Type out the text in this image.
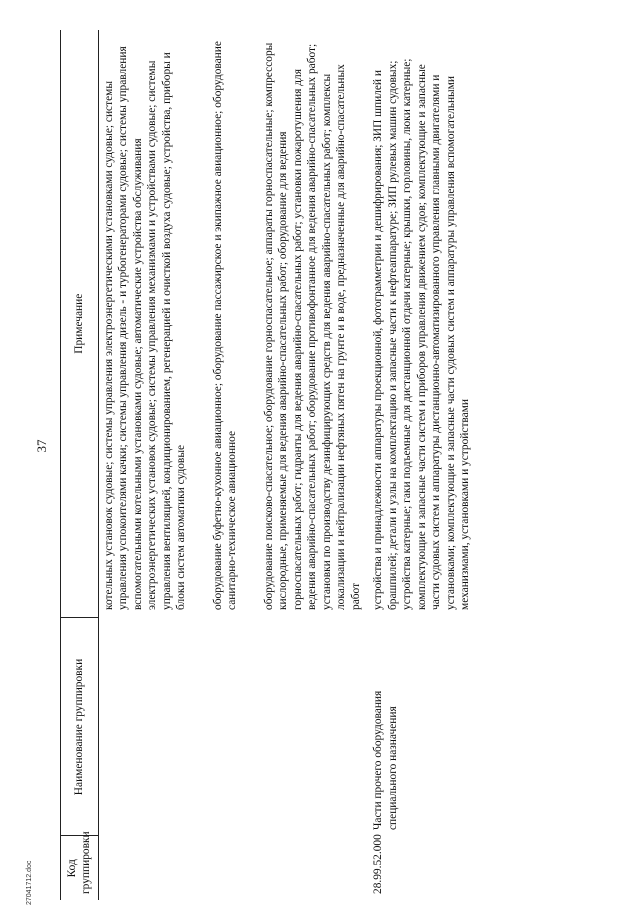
37
Код группировки	Наименование группировки	Примечание

		котельных установок судовые; системы управления электроэнергетическими установками судовые; системы управления успокоителями качки; системы управления дизель - и турбогенераторами судовые; системы управления вспомогательными котельными установками судовые; автоматические устройства обслуживания электроэнергетических установок судовые; системы управления механизмами и устройствами судовые; системы управления вентиляцией, кондиционированием, регенерацией и очисткой воздуха судовые; устройства, приборы и блоки систем автоматики судовые оборудование буфетно-кухонное авиационное; оборудование пассажирское и экипажное авиационное; оборудование санитарно-техническое авиационное оборудование поисково-спасательное; оборудование горноспасательное; аппараты горноспасательные; компрессоры кислородные, применяемые для ведения аварийно-спасательных работ; оборудование для ведения горноспасательных работ; гидранты для ведения аварийно-спасательных работ; установки пожаротушения для ведения аварийно-спасательных работ; оборудование противофонтанное для ведения аварийно-спасательных работ; установки по производству дезинфицирующих средств для ведения аварийно-спасательных работ; комплексы локализации и нейтрализации нефтяных пятен на грунте и в воде, предназначенные для аварийно-спасательных работ

28.99.52.000	Части прочего оборудования специального назначения	устройства и принадлежности аппаратуры проекционной, фотограмметрии и дешифрирования; ЗИП шпилей и брашпилей; детали и узлы на комплектацию и запасные части к нефтеаппаратуре; ЗИП рулевых машин судовых; устройства катерные; гаки подъемные для дистанционной отдачи катерные; крышки, горловины, люки катерные; комплектующие и запасные части систем и приборов управления движением судов; комплектующие и запасные части судовых систем и аппаратуры дистанционно-автоматизированного управления главными двигателями и установками; комплектующие и запасные части судовых систем и аппаратуры управления вспомогательными механизмами, установками и устройствами

27041712.doc
